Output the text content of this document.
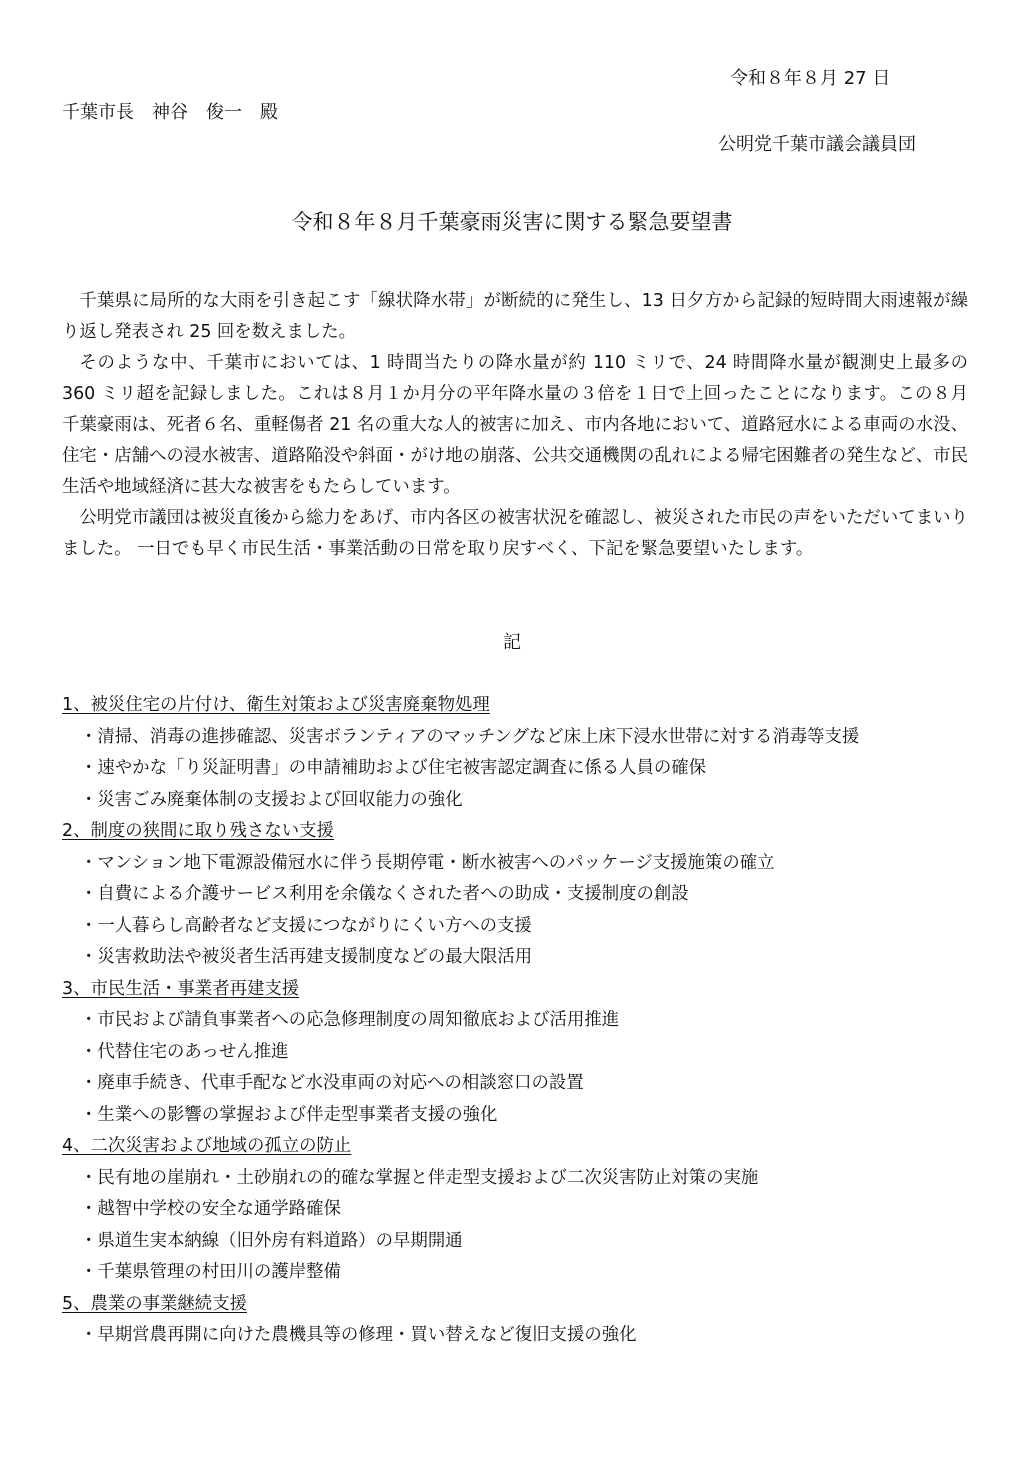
令和８年８月 27 日
千葉市長　神谷　俊一　殿
公明党千葉市議会議員団
令和８年８月千葉豪雨災害に関する緊急要望書

千葉県に局所的な大雨を引き起こす「線状降水帯」が断続的に発生し、13 日夕方から記録的短時間大雨速報が繰り返し発表され 25 回を数えました。

そのような中、千葉市においては、1 時間当たりの降水量が約 110 ミリで、24 時間降水量が観測史上最多の 360 ミリ超を記録しました。これは８月１か月分の平年降水量の３倍を１日で上回ったことになります。この８月千葉豪雨は、死者６名、重軽傷者 21 名の重大な人的被害に加え、市内各地において、道路冠水による車両の水没、住宅・店舗への浸水被害、道路陥没や斜面・がけ地の崩落、公共交通機関の乱れによる帰宅困難者の発生など、市民生活や地域経済に甚大な被害をもたらしています。

公明党市議団は被災直後から総力をあげ、市内各区の被害状況を確認し、被災された市民の声をいただいてまいりました。 一日でも早く市民生活・事業活動の日常を取り戻すべく、下記を緊急要望いたします。

記
1、被災住宅の片付け、衛生対策および災害廃棄物処理
・清掃、消毒の進捗確認、災害ボランティアのマッチングなど床上床下浸水世帯に対する消毒等支援
・速やかな「り災証明書」の申請補助および住宅被害認定調査に係る人員の確保
・災害ごみ廃棄体制の支援および回収能力の強化
2、制度の狭間に取り残さない支援
・マンション地下電源設備冠水に伴う長期停電・断水被害へのパッケージ支援施策の確立
・自費による介護サービス利用を余儀なくされた者への助成・支援制度の創設
・一人暮らし高齢者など支援につながりにくい方への支援
・災害救助法や被災者生活再建支援制度などの最大限活用
3、市民生活・事業者再建支援
・市民および請負事業者への応急修理制度の周知徹底および活用推進
・代替住宅のあっせん推進
・廃車手続き、代車手配など水没車両の対応への相談窓口の設置
・生業への影響の掌握および伴走型事業者支援の強化
4、二次災害および地域の孤立の防止
・民有地の崖崩れ・土砂崩れの的確な掌握と伴走型支援および二次災害防止対策の実施
・越智中学校の安全な通学路確保
・県道生実本納線（旧外房有料道路）の早期開通
・千葉県管理の村田川の護岸整備
5、農業の事業継続支援
・早期営農再開に向けた農機具等の修理・買い替えなど復旧支援の強化
